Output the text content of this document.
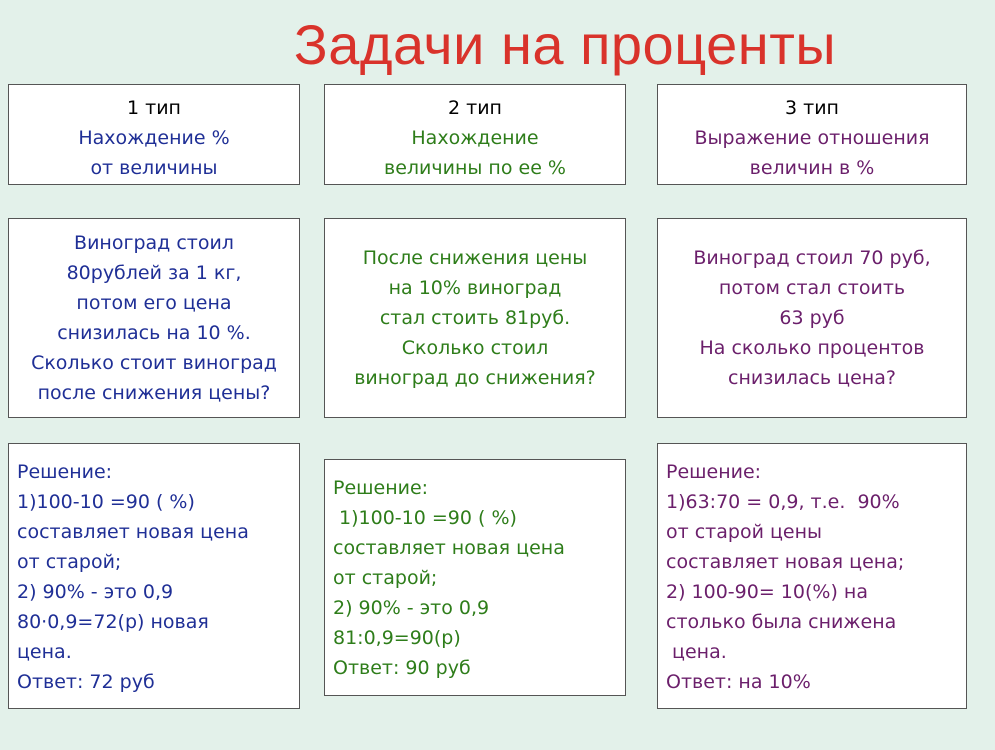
Задачи на проценты
1 тип
Нахождение %
от величины
Виноград стоил
80рублей за 1 кг,
потом его цена
снизилась на 10 %.
Сколько стоит виноград
после снижения цены?
Решение:
1)100-10 =90 ( %)
составляет новая цена
от старой;
2) 90% - это 0,9
80·0,9=72(р) новая
цена.
Ответ: 72 руб
2 тип
Нахождение
величины по ее %
После снижения цены
на 10% виноград
стал стоить 81руб.
Сколько стоил
виноград до снижения?
Решение:
1)100-10 =90 ( %)
составляет новая цена
от старой;
2) 90% - это 0,9
81:0,9=90(р)
Ответ: 90 руб
3 тип
Выражение отношения
величин в %
Виноград стоил 70 руб,
потом стал стоить
63 руб
На сколько процентов
снизилась цена?
Решение:
1)63:70 = 0,9, т.е.  90%
от старой цены
составляет новая цена;
2) 100-90= 10(%) на
столько была снижена
цена.
Ответ: на 10%
